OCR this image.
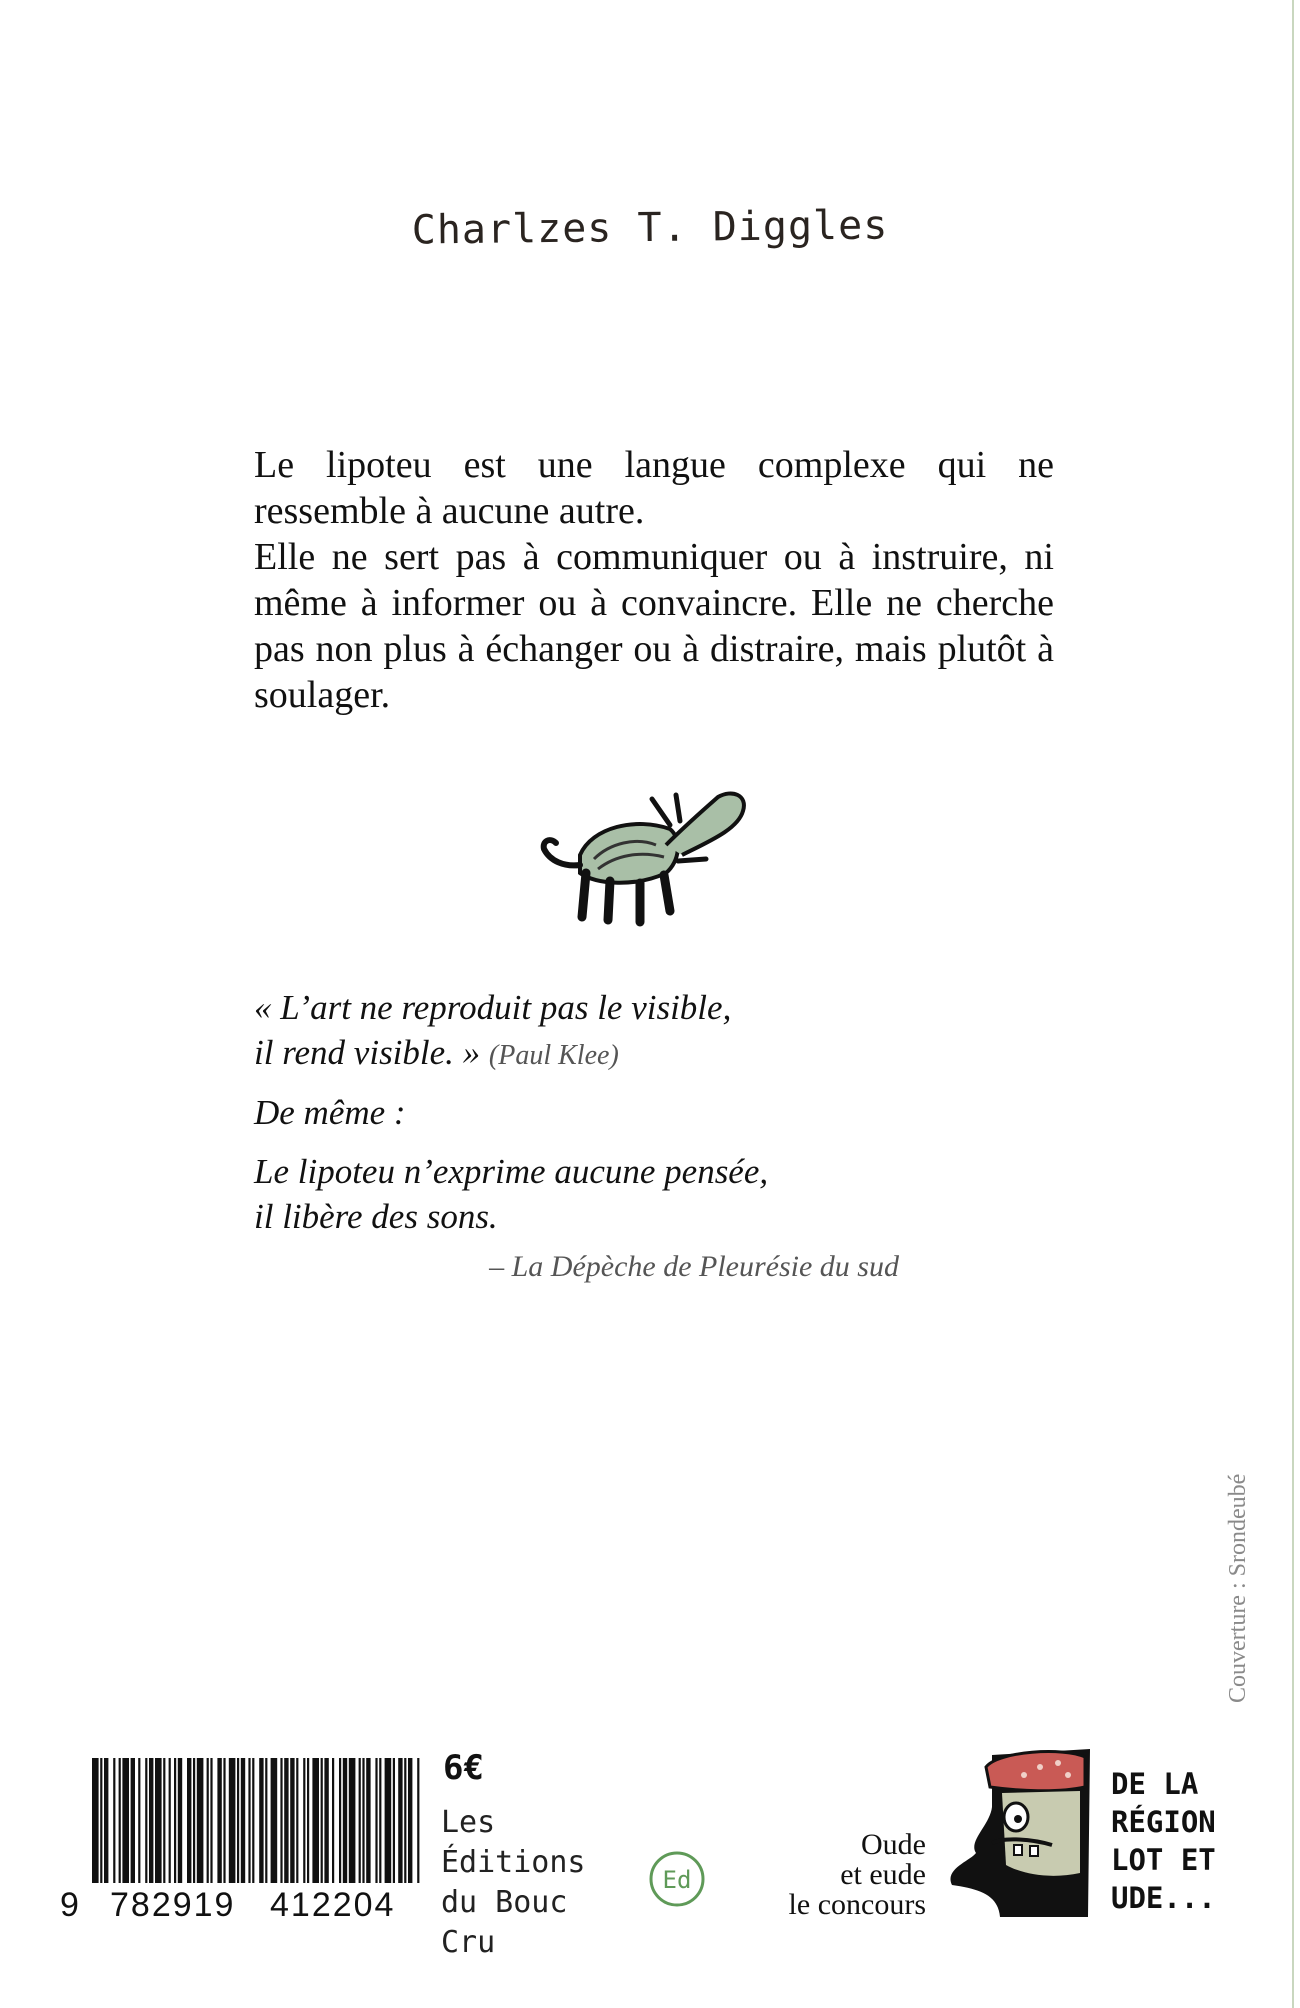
Charlzes T. Diggles

Le lipoteu est une langue complexe qui ne ressemble à aucune autre.

Elle ne sert pas à communiquer ou à instruire, ni même à informer ou à convaincre. Elle ne cherche pas non plus à échanger ou à distraire, mais plutôt à soulager.

« L’art ne reproduit pas le visible,

il rend visible. » (Paul Klee)

De même :

Le lipoteu n’exprime aucune pensée,

il libère des sons.

– La Dépèche de Pleurésie du sud
Couverture : Srondeubé
9 782919 412204
6€
Les
Éditions
du Bouc Cru
Ed
Oude
et eude
le concours
DE LA
RÉGION
LOT ET
UDE...
